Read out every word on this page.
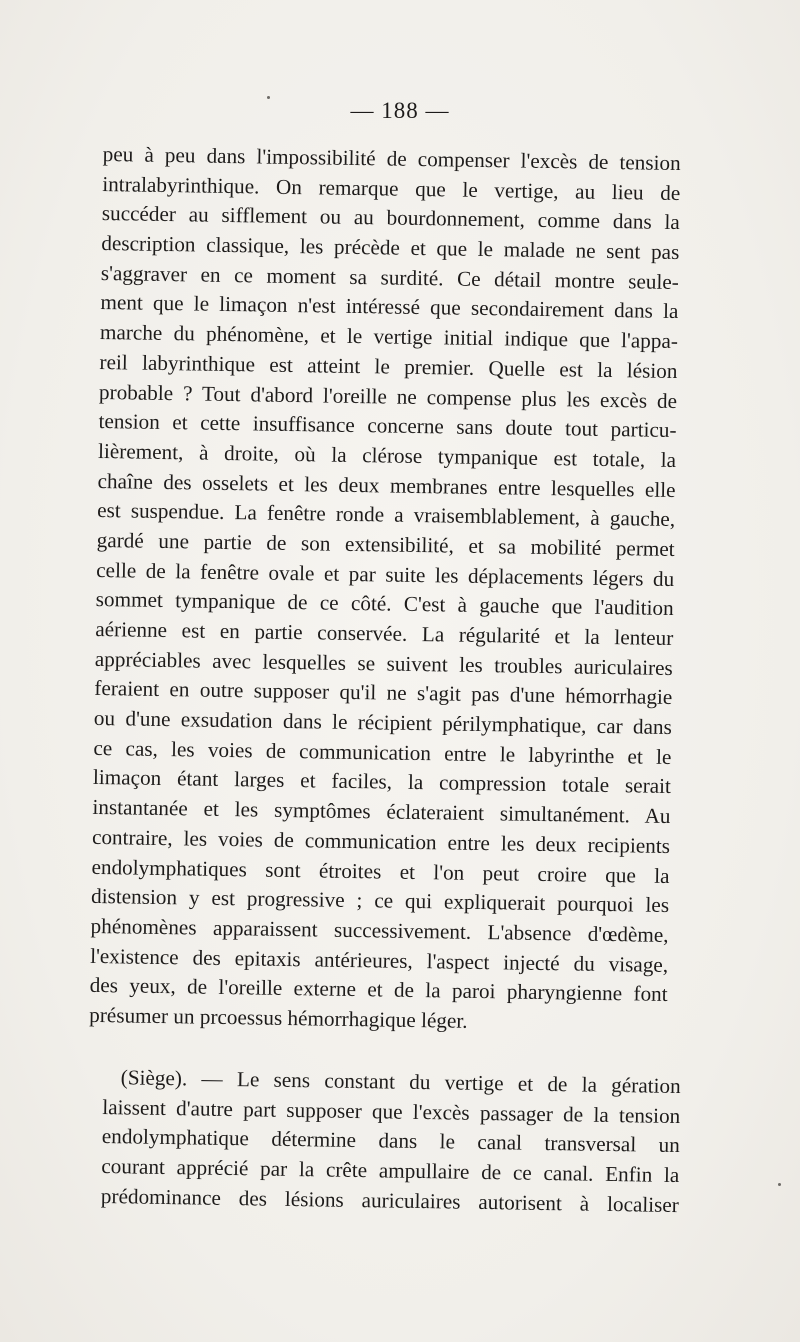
— 188 —
peu à peu dans l'impossibilité de compenser l'excès de tension
intralabyrinthique. On remarque que le vertige, au lieu de
succéder au sifflement ou au bourdonnement, comme dans la
description classique, les précède et que le malade ne sent pas
s'aggraver en ce moment sa surdité. Ce détail montre seule-
ment que le limaçon n'est intéressé que secondairement dans la
marche du phénomène, et le vertige initial indique que l'appa-
reil labyrinthique est atteint le premier. Quelle est la lésion
probable ? Tout d'abord l'oreille ne compense plus les excès de
tension et cette insuffisance concerne sans doute tout particu-
lièrement, à droite, où la clérose tympanique est totale, la
chaîne des osselets et les deux membranes entre lesquelles elle
est suspendue. La fenêtre ronde a vraisemblablement, à gauche,
gardé une partie de son extensibilité, et sa mobilité permet
celle de la fenêtre ovale et par suite les déplacements légers du
sommet tympanique de ce côté. C'est à gauche que l'audition
aérienne est en partie conservée. La régularité et la lenteur
appréciables avec lesquelles se suivent les troubles auriculaires
feraient en outre supposer qu'il ne s'agit pas d'une hémorrhagie
ou d'une exsudation dans le récipient périlymphatique, car dans
ce cas, les voies de communication entre le labyrinthe et le
limaçon étant larges et faciles, la compression totale serait
instantanée et les symptômes éclateraient simultanément. Au
contraire, les voies de communication entre les deux recipients
endolymphatiques sont étroites et l'on peut croire que la
distension y est progressive ; ce qui expliquerait pourquoi les
phénomènes apparaissent successivement. L'absence d'œdème,
l'existence des epitaxis antérieures, l'aspect injecté du visage,
des yeux, de l'oreille externe et de la paroi pharyngienne font
présumer un prcoessus hémorrhagique léger.
(Siège). — Le sens constant du vertige et de la gération
laissent d'autre part supposer que l'excès passager de la tension
endolymphatique détermine dans le canal transversal un
courant apprécié par la crête ampullaire de ce canal. Enfin la
prédominance des lésions auriculaires autorisent à localiser
